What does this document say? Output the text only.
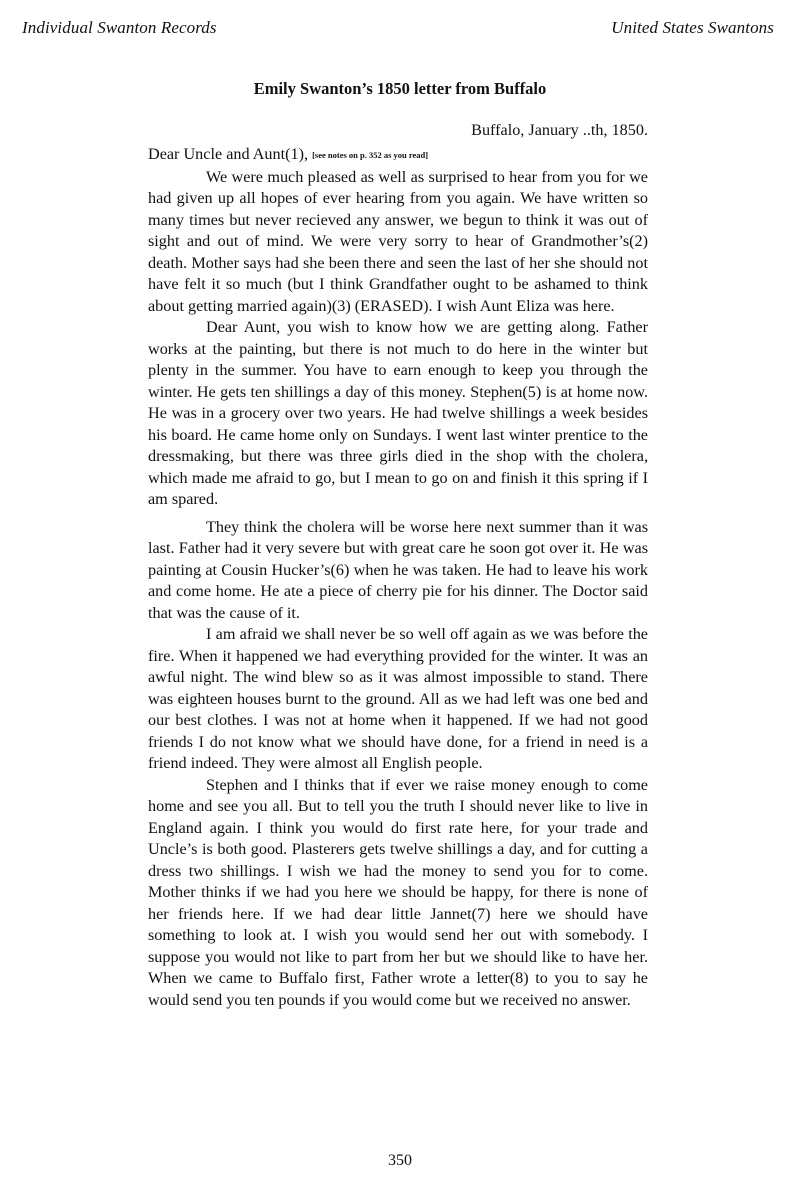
Individual Swanton Records	United States Swantons
Emily Swanton’s 1850 letter from Buffalo

Buffalo, January ..th, 1850.

Dear Uncle and Aunt(1), [see notes on p. 352 as you read]

We were much pleased as well as surprised to hear from you for we had given up all hopes of ever hearing from you again. We have written so many times but never recieved any answer, we begun to think it was out of sight and out of mind. We were very sorry to hear of Grandmother’s(2) death. Mother says had she been there and seen the last of her she should not have felt it so much (but I think Grandfather ought to be ashamed to think about getting married again)(3) (ERASED). I wish Aunt Eliza was here.

Dear Aunt, you wish to know how we are getting along. Father works at the painting, but there is not much to do here in the winter but plenty in the summer. You have to earn enough to keep you through the winter. He gets ten shillings a day of this money. Stephen(5) is at home now. He was in a grocery over two years. He had twelve shillings a week besides his board. He came home only on Sundays. I went last winter prentice to the dressmaking, but there was three girls died in the shop with the cholera, which made me afraid to go, but I mean to go on and finish it this spring if I am spared.

They think the cholera will be worse here next summer than it was last. Father had it very severe but with great care he soon got over it. He was painting at Cousin Hucker’s(6) when he was taken. He had to leave his work and come home. He ate a piece of cherry pie for his dinner. The Doctor said that was the cause of it.

I am afraid we shall never be so well off again as we was before the fire. When it happened we had everything provided for the winter. It was an awful night. The wind blew so as it was almost impossible to stand. There was eighteen houses burnt to the ground. All as we had left was one bed and our best clothes. I was not at home when it happened. If we had not good friends I do not know what we should have done, for a friend in need is a friend indeed. They were almost all English people.

Stephen and I thinks that if ever we raise money enough to come home and see you all. But to tell you the truth I should never like to live in England again. I think you would do first rate here, for your trade and Uncle’s is both good. Plasterers gets twelve shillings a day, and for cutting a dress two shillings. I wish we had the money to send you for to come. Mother thinks if we had you here we should be happy, for there is none of her friends here. If we had dear little Jannet(7) here we should have something to look at. I wish you would send her out with somebody. I suppose you would not like to part from her but we should like to have her. When we came to Buffalo first, Father wrote a letter(8) to you to say he would send you ten pounds if you would come but we received no answer.

350
